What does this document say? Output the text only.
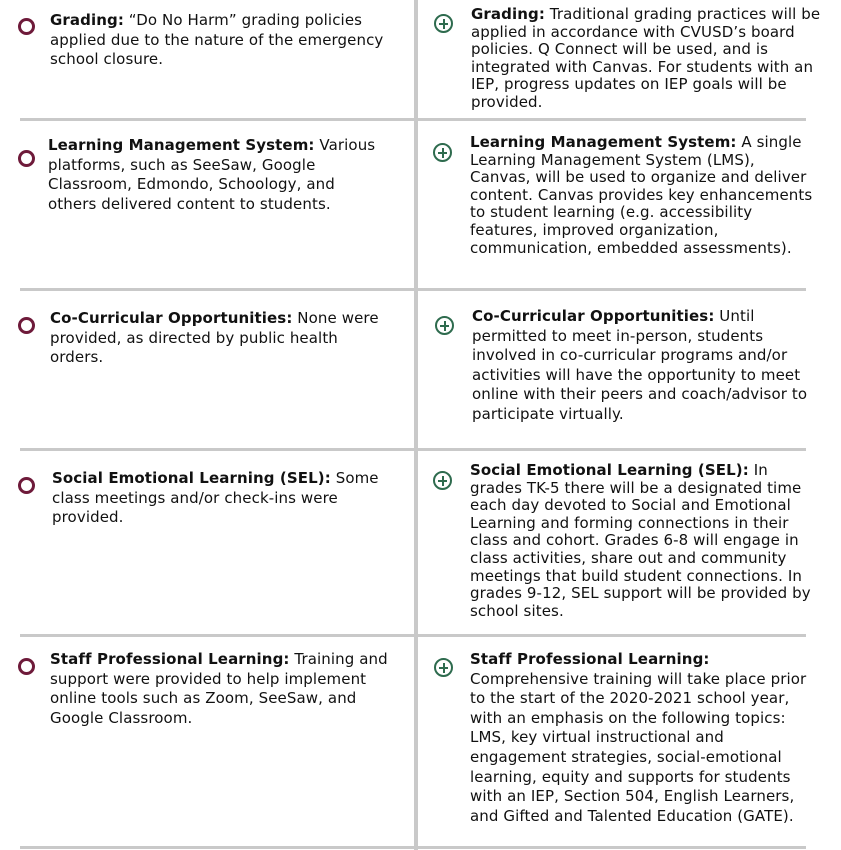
Grading: “Do No Harm” grading policies applied due to the nature of the emergency school closure.
Grading: Traditional grading practices will be applied in accordance with CVUSD’s board policies. Q Connect will be used, and is integrated with Canvas. For students with an IEP, progress updates on IEP goals will be provided.
Learning Management System: Various platforms, such as SeeSaw, Google Classroom, Edmondo, Schoology, and others delivered content to students.
Learning Management System: A single Learning Management System (LMS), Canvas, will be used to organize and deliver content. Canvas provides key enhancements to student learning (e.g. accessibility features, improved organization, communication, embedded assessments).
Co-Curricular Opportunities: None were provided, as directed by public health orders.
Co-Curricular Opportunities: Until permitted to meet in-person, students involved in co-curricular programs and/or activities will have the opportunity to meet online with their peers and coach/advisor to participate virtually.
Social Emotional Learning (SEL): Some class meetings and/or check-ins were provided.
Social Emotional Learning (SEL): In grades TK-5 there will be a designated time each day devoted to Social and Emotional Learning and forming connections in their class and cohort. Grades 6-8 will engage in class activities, share out and community meetings that build student connections. In grades 9-12, SEL support will be provided by school sites.
Staff Professional Learning: Training and support were provided to help implement online tools such as Zoom, SeeSaw, and Google Classroom.
Staff Professional Learning: Comprehensive training will take place prior to the start of the 2020-2021 school year, with an emphasis on the following topics: LMS, key virtual instructional and engagement strategies, social-emotional learning, equity and supports for students with an IEP, Section 504, English Learners, and Gifted and Talented Education (GATE).
